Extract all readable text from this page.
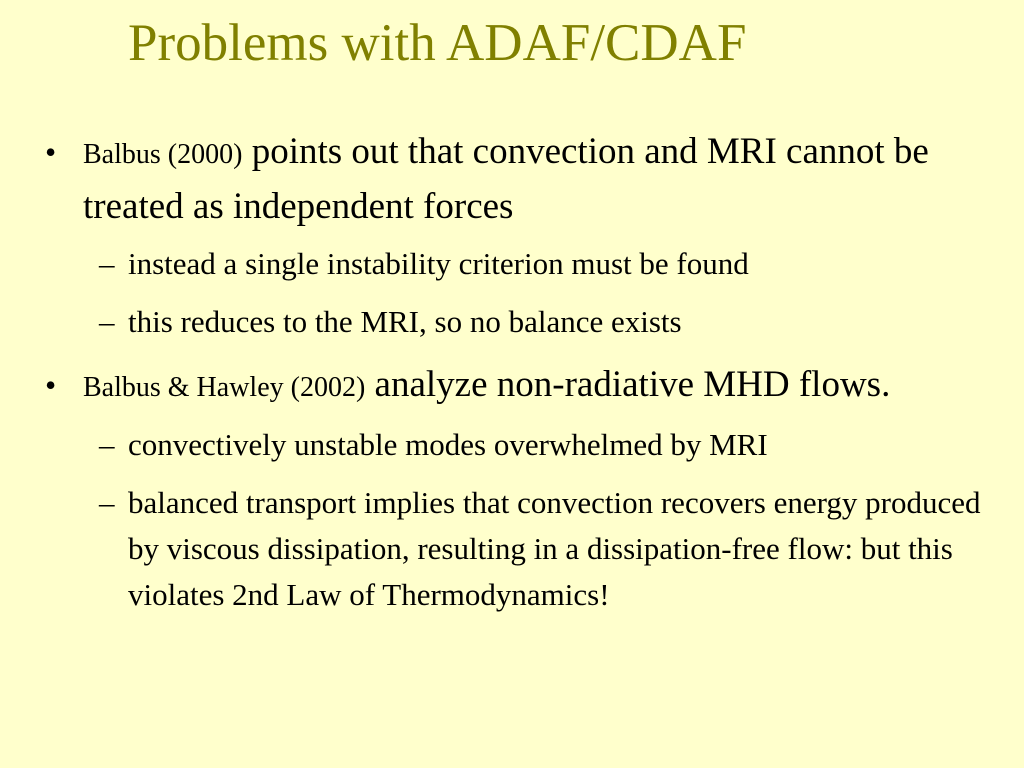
Problems with ADAF/CDAF
• Balbus (2000) points out that convection and MRI cannot be treated as independent forces
– instead a single instability criterion must be found
– this reduces to the MRI, so no balance exists
• Balbus & Hawley (2002) analyze non-radiative MHD flows.
– convectively unstable modes overwhelmed by MRI
– balanced transport implies that convection recovers energy produced by viscous dissipation, resulting in a dissipation-free flow: but this violates 2nd Law of Thermodynamics!
